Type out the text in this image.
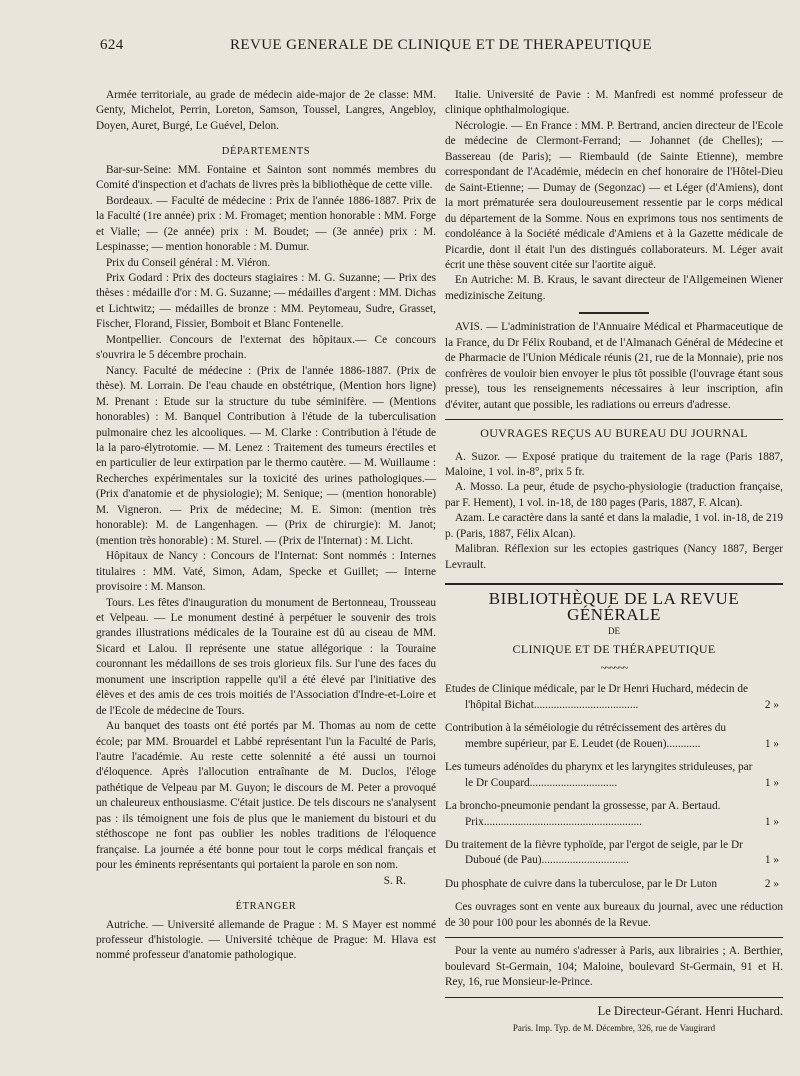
624	REVUE GENERALE DE CLINIQUE ET DE THERAPEUTIQUE

Armée territoriale, au grade de médecin aide-major de 2e classe: MM. Genty, Michelot, Perrin, Loreton, Samson, Toussel, Langres, Angebloy, Doyen, Auret, Burgé, Le Guével, Delon.

DÉPARTEMENTS

Bar-sur-Seine: MM. Fontaine et Sainton sont nommés membres du Comité d'inspection et d'achats de livres près la bibliothèque de cette ville.

Bordeaux. — Faculté de médecine : Prix de l'année 1886-1887. Prix de la Faculté (1re année) prix : M. Fromaget; mention honorable : MM. Forge et Vialle; — (2e année) prix : M. Boudet; — (3e année) prix : M. Lespinasse; — mention honorable : M. Dumur.

Prix du Conseil général : M. Viéron.

Prix Godard : Prix des docteurs stagiaires : M. G. Suzanne; — Prix des thèses : médaille d'or : M. G. Suzanne; — médailles d'argent : MM. Dichas et Lichtwitz; — médailles de bronze : MM. Peytomeau, Sudre, Grasset, Fischer, Florand, Fissier, Bomboit et Blanc Fontenelle.

Montpellier. Concours de l'externat des hôpitaux.— Ce concours s'ouvrira le 5 décembre prochain.

Nancy. Faculté de médecine : (Prix de l'année 1886-1887. (Prix de thèse). M. Lorrain. De l'eau chaude en obstétrique, (Mention hors ligne) M. Prenant : Etude sur la structure du tube séminifère. — (Mentions honorables) : M. Banquel Contribution à l'étude de la tuberculisation pulmonaire chez les alcooliques. — M. Clarke : Contribution à l'étude de la la paro-élytrotomie. — M. Lenez : Traitement des tumeurs érectiles et en particulier de leur extirpation par le thermo cautère. — M. Wuillaume : Recherches expérimentales sur la toxicité des urines pathologiques.— (Prix d'anatomie et de physiologie); M. Senique; — (mention honorable) M. Vigneron. — Prix de médecine; M. E. Simon: (mention très honorable): M. de Langenhagen. — (Prix de chirurgie): M. Janot; (mention très honorable) : M. Sturel. — (Prix de l'Internat) : M. Licht.

Hôpitaux de Nancy : Concours de l'Internat: Sont nommés : Internes titulaires : MM. Vaté, Simon, Adam, Specke et Guillet; — Interne provisoire : M. Manson.

Tours. Les fêtes d'inauguration du monument de Bertonneau, Trousseau et Velpeau. — Le monument destiné à perpétuer le souvenir des trois grandes illustrations médicales de la Touraine est dû au ciseau de MM. Sicard et Lalou. Il représente une statue allégorique : la Touraine couronnant les médaillons de ses trois glorieux fils. Sur l'une des faces du monument une inscription rappelle qu'il a été élevé par l'initiative des élèves et des amis de ces trois moitiés de l'Association d'Indre-et-Loire et de l'Ecole de médecine de Tours.

Au banquet des toasts ont été portés par M. Thomas au nom de cette école; par MM. Brouardel et Labbé représentant l'un la Faculté de Paris, l'autre l'académie. Au reste cette solennité a été aussi un tournoi d'éloquence. Après l'allocution entraînante de M. Duclos, l'éloge pathétique de Velpeau par M. Guyon; le discours de M. Peter a provoqué un chaleureux enthousiasme. C'était justice. De tels discours ne s'analysent pas : ils témoignent une fois de plus que le maniement du bistouri et du stéthoscope ne font pas oublier les nobles traditions de l'éloquence française. La journée a été bonne pour tout le corps médical français et pour les éminents représentants qui portaient la parole en son nom.

S. R.

ÉTRANGER

Autriche. — Université allemande de Prague : M. S Mayer est nommé professeur d'histologie. — Université tchèque de Prague: M. Hlava est nommé professeur d'anatomie pathologique.

Italie. Université de Pavie : M. Manfredi est nommé professeur de clinique ophthalmologique.

Nécrologie. — En France : MM. P. Bertrand, ancien directeur de l'Ecole de médecine de Clermont-Ferrand; — Johannet (de Chelles); — Bassereau (de Paris); — Riembauld (de Sainte Etienne), membre correspondant de l'Académie, médecin en chef honoraire de l'Hôtel-Dieu de Saint-Etienne; — Dumay de (Segonzac) — et Léger (d'Amiens), dont la mort prématurée sera douloureusement ressentie par le corps médical du département de la Somme. Nous en exprimons tous nos sentiments de condoléance à la Société médicale d'Amiens et à la Gazette médicale de Picardie, dont il était l'un des distingués collaborateurs. M. Léger avait écrit une thèse souvent citée sur l'aortite aiguë.

En Autriche: M. B. Kraus, le savant directeur de l'Allgemeinen Wiener medizinische Zeitung.

AVIS. — L'administration de l'Annuaire Médical et Pharmaceutique de la France, du Dr Félix Rouband, et de l'Almanach Général de Médecine et de Pharmacie de l'Union Médicale réunis (21, rue de la Monnaie), prie nos confrères de vouloir bien envoyer le plus tôt possible (l'ouvrage étant sous presse), tous les renseignements nécessaires à leur inscription, afin d'éviter, autant que possible, les radiations ou erreurs d'adresse.

OUVRAGES REÇUS AU BUREAU DU JOURNAL

A. Suzor. — Exposé pratique du traitement de la rage (Paris 1887, Maloine, 1 vol. in-8°, prix 5 fr.

A. Mosso. La peur, étude de psycho-physiologie (traduction française, par F. Hement), 1 vol. in-18, de 180 pages (Paris, 1887, F. Alcan).

Azam. Le caractère dans la santé et dans la maladie, 1 vol. in-18, de 219 p. (Paris, 1887, Félix Alcan).

Malibran. Réflexion sur les ectopies gastriques (Nancy 1887, Berger Levrault.

BIBLIOTHÈQUE DE LA REVUE GÉNÉRALE
DE
CLINIQUE ET DE THÉRAPEUTIQUE
~~~~~~
Etudes de Clinique médicale, par le Dr Henri Huchard, médecin de l'hôpital Bichat.....................................	2 »
Contribution à la séméiologie du rétrécissement des artères du membre supérieur, par E. Leudet (de Rouen)............	1 »
Les tumeurs adénoïdes du pharynx et les laryngites striduleuses, par le Dr Coupard...............................	1 »
La broncho-pneumonie pendant la grossesse, par A. Bertaud. Prix........................................................	1 »
Du traitement de la fièvre typhoïde, par l'ergot de seigle, par le Dr Duboué (de Pau)...............................	1 »
Du phosphate de cuivre dans la tuberculose, par le Dr Luton	2 »

Ces ouvrages sont en vente aux bureaux du journal, avec une réduction de 30 pour 100 pour les abonnés de la Revue.

Pour la vente au numéro s'adresser à Paris, aux librairies ; A. Berthier, boulevard St-Germain, 104; Maloine, boulevard St-Germain, 91 et H. Rey, 16, rue Monsieur-le-Prince.

Le Directeur-Gérant. Henri Huchard.
Paris. Imp. Typ. de M. Décembre, 326, rue de Vaugirard
